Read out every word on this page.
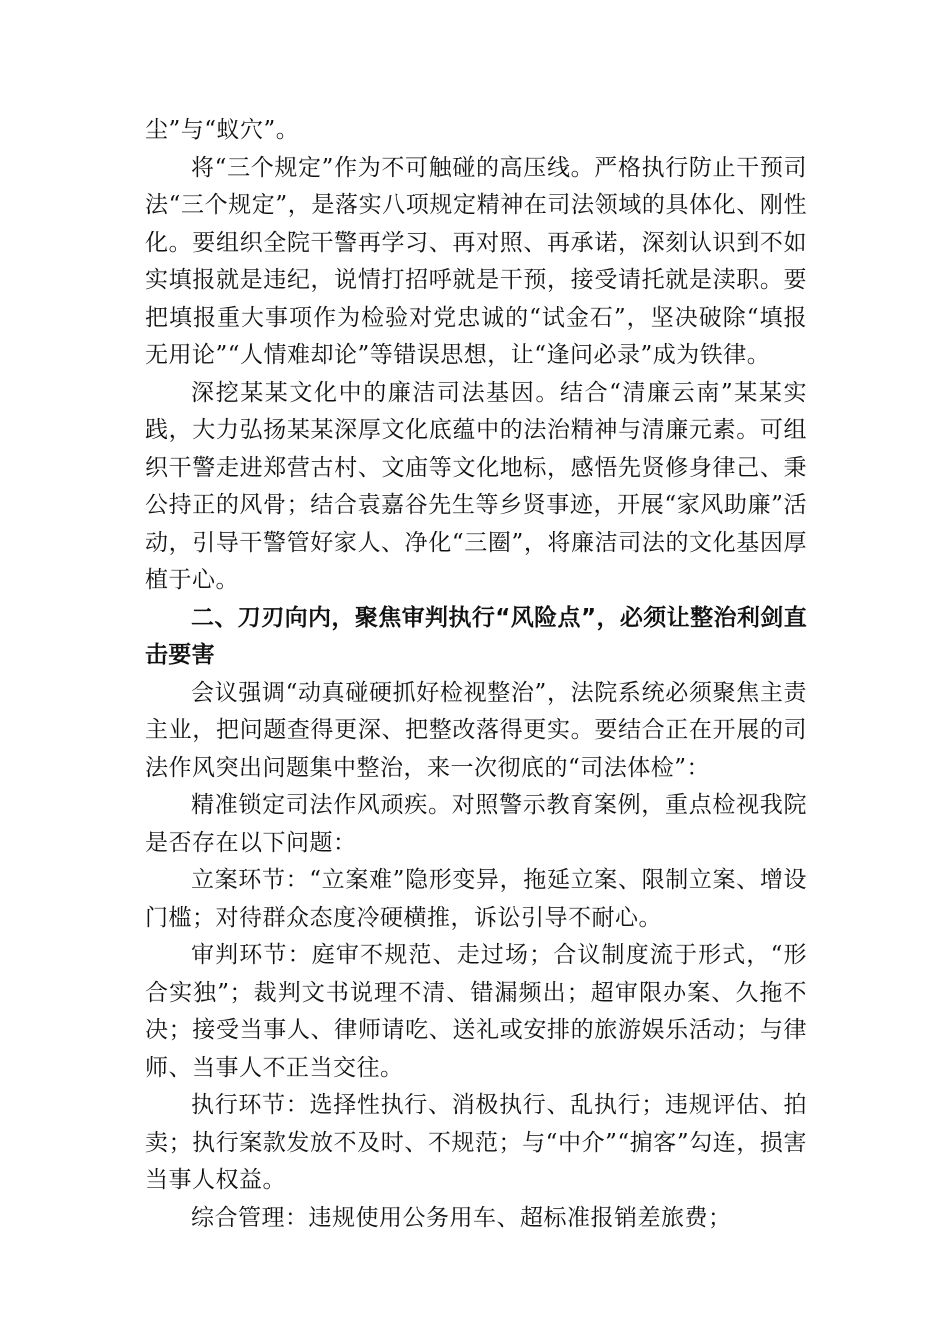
尘”与“蚁穴”。

将“三个规定”作为不可触碰的高压线。严格执行防止干预司法“三个规定”，是落实八项规定精神在司法领域的具体化、刚性化。要组织全院干警再学习、再对照、再承诺，深刻认识到不如实填报就是违纪，说情打招呼就是干预，接受请托就是渎职。要把填报重大事项作为检验对党忠诚的“试金石”，坚决破除“填报无用论”“人情难却论”等错误思想，让“逢问必录”成为铁律。

深挖某某文化中的廉洁司法基因。结合“清廉云南”某某实践，大力弘扬某某深厚文化底蕴中的法治精神与清廉元素。可组织干警走进郑营古村、文庙等文化地标，感悟先贤修身律己、秉公持正的风骨；结合袁嘉谷先生等乡贤事迹，开展“家风助廉”活动，引导干警管好家人、净化“三圈”，将廉洁司法的文化基因厚植于心。

二、刀刃向内，聚焦审判执行“风险点”，必须让整治利剑直击要害

会议强调“动真碰硬抓好检视整治”，法院系统必须聚焦主责主业，把问题查得更深、把整改落得更实。要结合正在开展的司法作风突出问题集中整治，来一次彻底的“司法体检”：

精准锁定司法作风顽疾。对照警示教育案例，重点检视我院是否存在以下问题：

立案环节：“立案难”隐形变异，拖延立案、限制立案、增设门槛；对待群众态度冷硬横推，诉讼引导不耐心。

审判环节：庭审不规范、走过场；合议制度流于形式，“形合实独”；裁判文书说理不清、错漏频出；超审限办案、久拖不决；接受当事人、律师请吃、送礼或安排的旅游娱乐活动；与律师、当事人不正当交往。

执行环节：选择性执行、消极执行、乱执行；违规评估、拍卖；执行案款发放不及时、不规范；与“中介”“掮客”勾连，损害当事人权益。

综合管理：违规使用公务用车、超标准报销差旅费；
